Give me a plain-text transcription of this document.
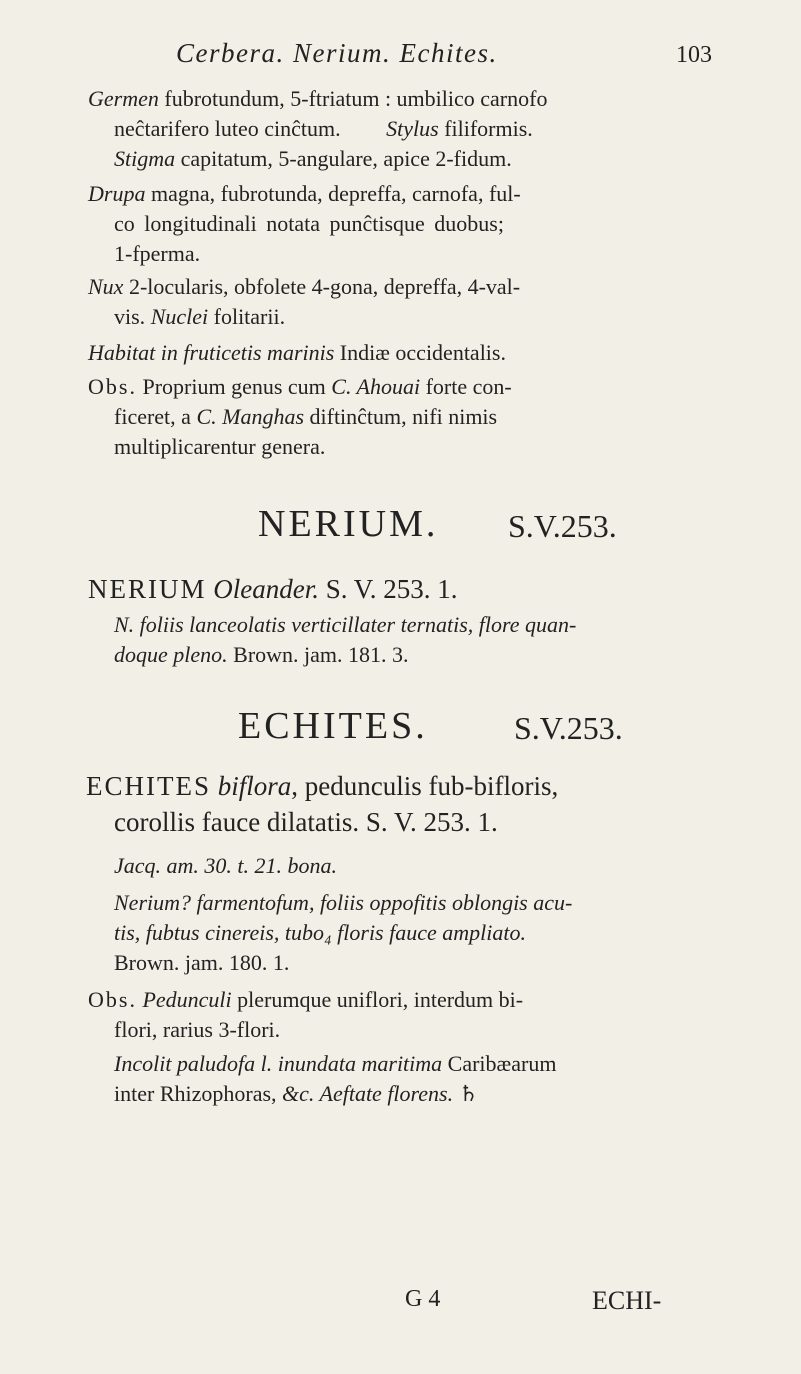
Cerbera. Nerium. Echites.	103
Germen fubrotundum, 5-ftriatum : umbilico carnofo
neĉtarifero luteo cinĉtum. Stylus filiformis.
Stigma capitatum, 5-angulare, apice 2-fidum.
Drupa magna, fubrotunda, depreffa, carnofa, ful-
co longitudinali notata punĉtisque duobus;
1-fperma.
Nux 2-locularis, obfolete 4-gona, depreffa, 4-val-
vis. Nuclei folitarii.
Habitat in fruticetis marinis Indiæ occidentalis.
Obs. Proprium genus cum C. Ahouai forte con-
ficeret, a C. Manghas diftinĉtum, nifi nimis
multiplicarentur genera.
NERIUM. S.V.253.
NERIUM Oleander. S. V. 253. 1.
N. foliis lanceolatis verticillater ternatis, flore quan-
doque pleno. Brown. jam. 181. 3.
ECHITES.	S.V.253.
ECHITES biflora, pedunculis fub-bifloris,
corollis fauce dilatatis. S. V. 253. 1.
Jacq. am. 30. t. 21. bona.
Nerium? farmentofum, foliis oppofitis oblongis acu-
tis, fubtus cinereis, tubo₄ floris fauce ampliato.
Brown. jam. 180. 1.
Obs. Pedunculi plerumque uniflori, interdum bi-
flori, rarius 3-flori.
Incolit paludofa l. inundata maritima Caribæarum
inter Rhizophoras, &c. Aeftate florens. ♄
G 4	ECHI-
